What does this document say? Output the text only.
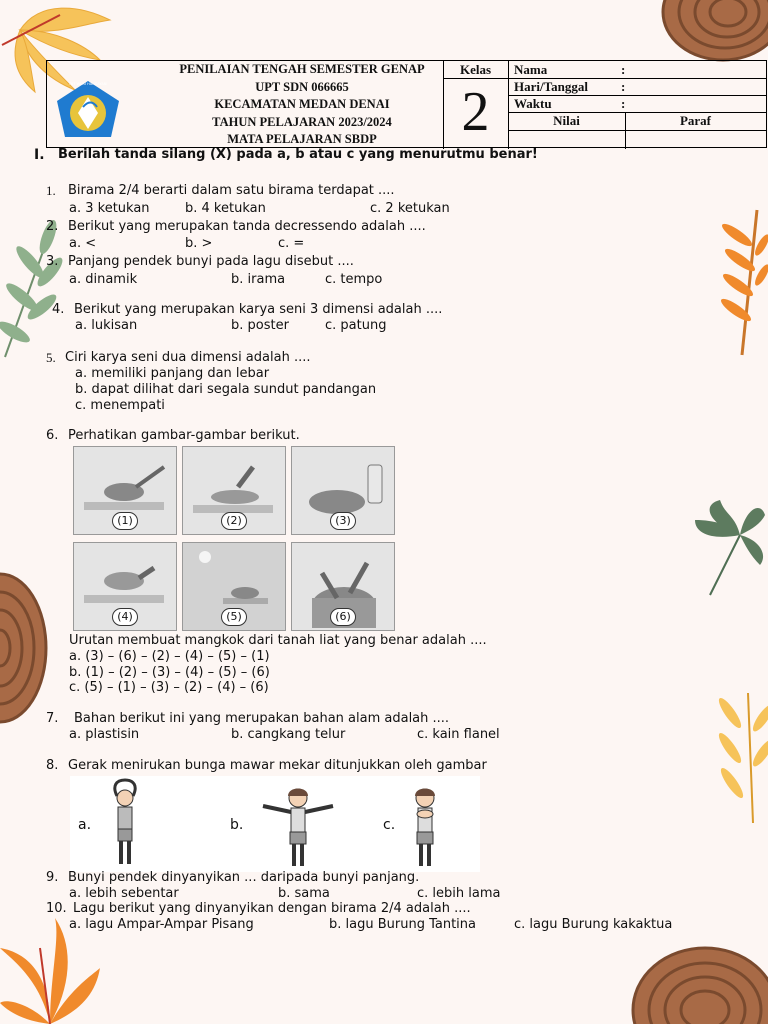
TUT WURI HANDAYANI
PENILAIAN TENGAH SEMESTER GENAP
UPT SDN 066665
KECAMATAN MEDAN DENAI
TAHUN PELAJARAN 2023/2024
MATA PELAJARAN SBDP
Kelas
2
Nama	:
Hari/Tanggal	:
Waktu	:
Nilai	Paraf
I. Berilah tanda silang (X) pada a, b atau c yang menurutmu benar!
1. Birama 2/4 berarti dalam satu birama terdapat ....
a. 3 ketukan	b. 4 ketukan	c. 2 ketukan
2. Berikut yang merupakan tanda decressendo adalah ....
a. <	b. >	c. =
3. Panjang pendek bunyi pada lagu disebut ....
a. dinamik	b. irama	c. tempo
4. Berikut yang merupakan karya seni 3 dimensi adalah ....
a. lukisan	b. poster	c. patung
5. Ciri karya seni dua dimensi adalah ....
a. memiliki panjang dan lebar
b. dapat dilihat dari segala sundut pandangan
c. menempati
6. Perhatikan gambar-gambar berikut.
(1)	(2)	(3)
(4)	(5)	(6)
Urutan membuat mangkok dari tanah liat yang benar adalah ....
a. (3) – (6) – (2) – (4) – (5) – (1)
b. (1) – (2) – (3) – (4) – (5) – (6)
c. (5) – (1) – (3) – (2) – (4) – (6)
7. Bahan berikut ini yang merupakan bahan alam adalah ....
a. plastisin	b. cangkang telur	c. kain flanel
8. Gerak menirukan bunga mawar mekar ditunjukkan oleh gambar
a.	b.	c.
9. Bunyi pendek dinyanyikan ... daripada bunyi panjang.
a. lebih sebentar	b. sama	c. lebih lama
10. Lagu berikut yang dinyanyikan dengan birama 2/4 adalah ....
a. lagu Ampar-Ampar Pisang	b. lagu Burung Tantina	c. lagu Burung kakaktua
